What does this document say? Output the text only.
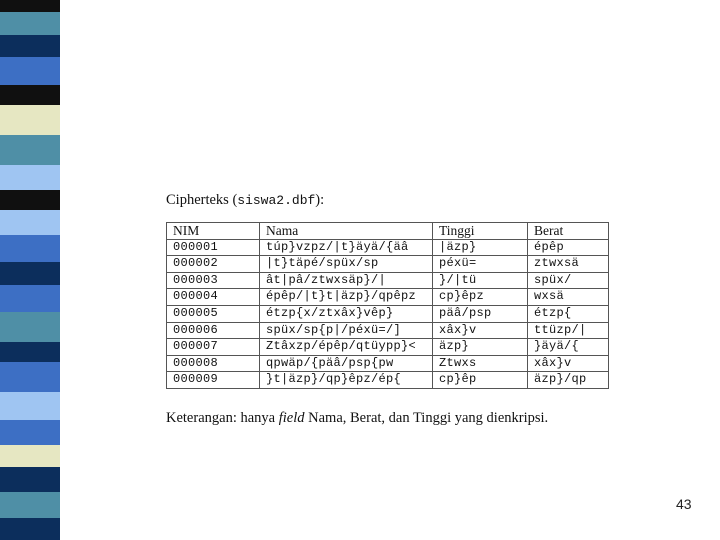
Cipherteks (siswa2.dbf):
NIM	Nama	Tinggi	Berat
000001	túp}vzpz/|t}äyä/{äâ	|äzp}	épêp
000002	|t}täpé/spüx/sp	péxü=	ztwxsä
000003	ât|pâ/ztwxsäp}/|	}/|tü	spüx/
000004	épêp/|t}t|äzp}/qpêpz	cp}êpz	wxsä
000005	étzp{x/ztxâx}vêp}	päâ/psp	étzp{
000006	spüx/sp{p|/péxü=/]	xâx}v	ttüzp/|
000007	Ztâxzp/épêp/qtüypp}<	äzp}	}äyä/{
000008	qpwäp/{päâ/psp{pw	Ztwxs	xâx}v
000009	}t|äzp}/qp}êpz/ép{	cp}êp	äzp}/qp
Keterangan: hanya field Nama, Berat, dan Tinggi yang dienkripsi.
43
